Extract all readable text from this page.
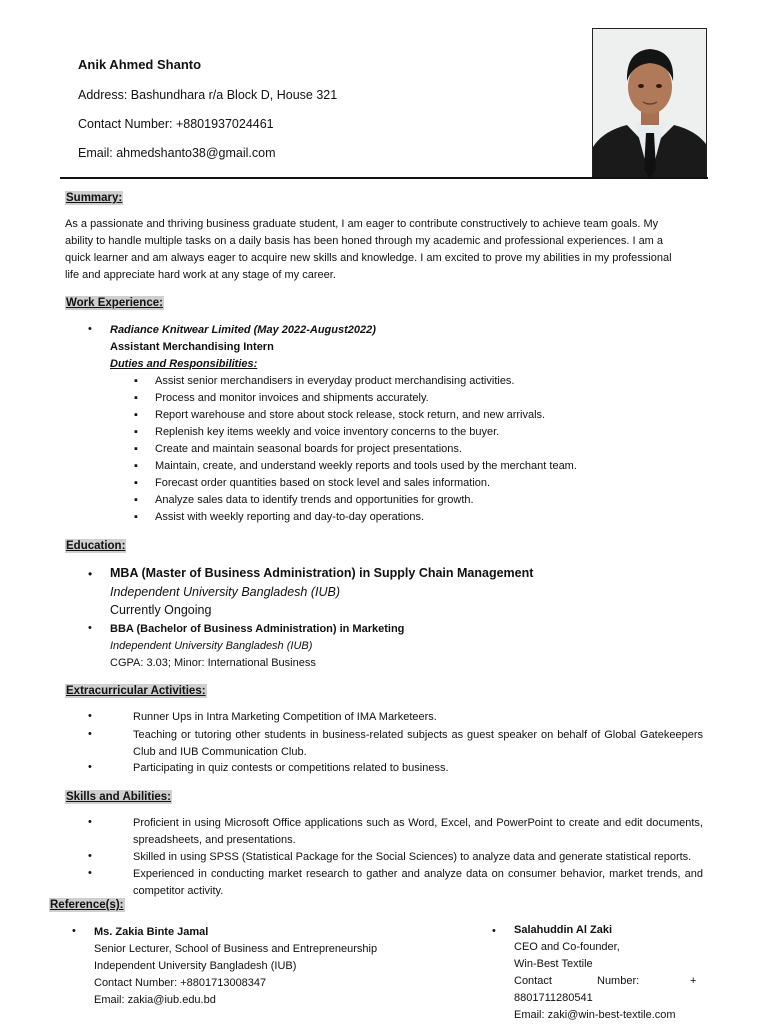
Anik Ahmed Shanto
Address: Bashundhara r/a Block D, House 321
Contact Number: +8801937024461
Email: ahmedshanto38@gmail.com
Summary:
As a passionate and thriving business graduate student, I am eager to contribute constructively to achieve team goals. My
ability to handle multiple tasks on a daily basis has been honed through my academic and professional experiences. I am a
quick learner and am always eager to acquire new skills and knowledge. I am excited to prove my abilities in my professional
life and appreciate hard work at any stage of my career.
Work Experience:
• Radiance Knitwear Limited (May 2022-August2022)
Assistant Merchandising Intern
Duties and Responsibilities:
▪ Assist senior merchandisers in everyday product merchandising activities.
▪ Process and monitor invoices and shipments accurately.
▪ Report warehouse and store about stock release, stock return, and new arrivals.
▪ Replenish key items weekly and voice inventory concerns to the buyer.
▪ Create and maintain seasonal boards for project presentations.
▪ Maintain, create, and understand weekly reports and tools used by the merchant team.
▪ Forecast order quantities based on stock level and sales information.
▪ Analyze sales data to identify trends and opportunities for growth.
▪ Assist with weekly reporting and day-to-day operations.
Education:
• MBA (Master of Business Administration) in Supply Chain Management
Independent University Bangladesh (IUB)
Currently Ongoing
• BBA (Bachelor of Business Administration) in Marketing
Independent University Bangladesh (IUB)
CGPA: 3.03; Minor: International Business
Extracurricular Activities:
•	Runner Ups in Intra Marketing Competition of IMA Marketeers.
•	Teaching or tutoring other students in business-related subjects as guest speaker on behalf of Global Gatekeepers Club and IUB Communication Club.
•	Participating in quiz contests or competitions related to business.
Skills and Abilities:
•	Proficient in using Microsoft Office applications such as Word, Excel, and PowerPoint to create and edit documents, spreadsheets, and presentations.
•	Skilled in using SPSS (Statistical Package for the Social Sciences) to analyze data and generate statistical reports.
•	Experienced in conducting market research to gather and analyze data on consumer behavior, market trends, and competitor activity.
Reference(s):
• Ms. Zakia Binte Jamal
Senior Lecturer, School of Business and Entrepreneurship
Independent University Bangladesh (IUB)
Contact Number: +8801713008347
Email: zakia@iub.edu.bd
• Salahuddin Al Zaki
CEO and Co-founder,
Win-Best Textile
Contact	Number:	+
8801711280541
Email: zaki@win-best-textile.com
